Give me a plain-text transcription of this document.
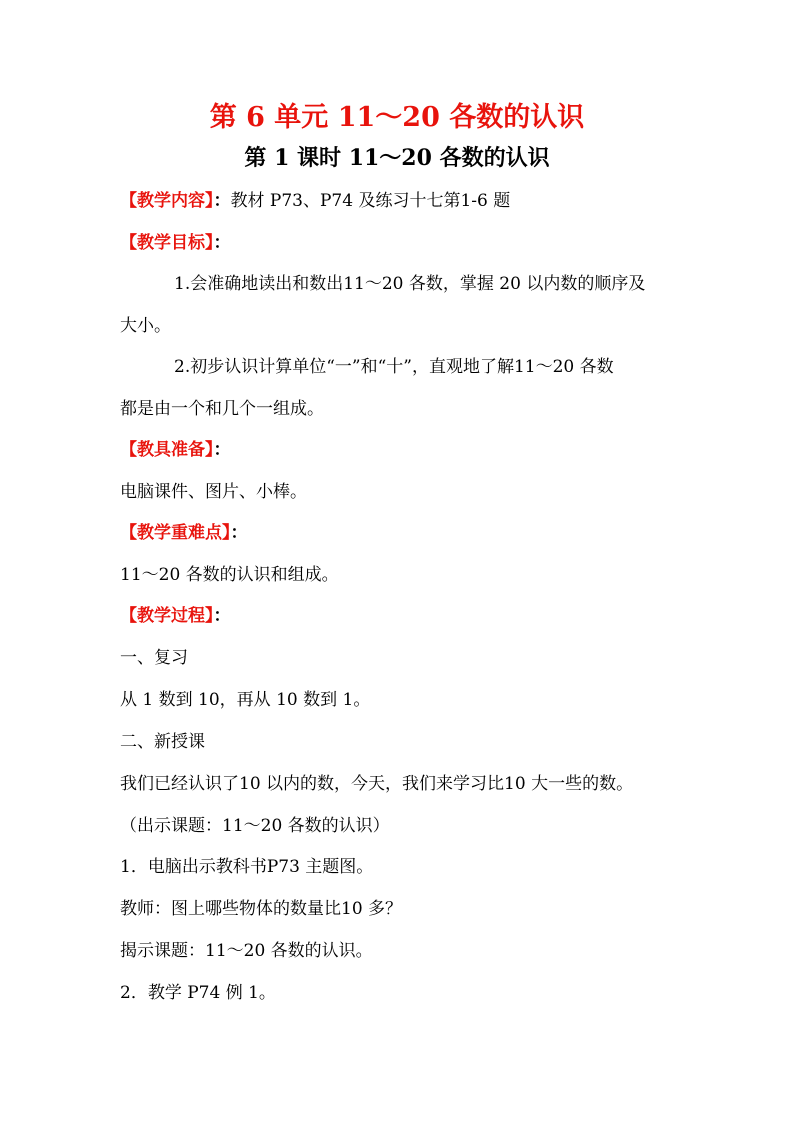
第 6 单元 11～20 各数的认识
第 1 课时 11～20 各数的认识
【教学内容】：教材 P73、P74 及练习十七第1-6 题
【教学目标】：
1.会准确地读出和数出11～20 各数，掌握 20 以内数的顺序及
大小。
2.初步认识计算单位“一”和“十”，直观地了解11～20 各数
都是由一个和几个一组成。
【教具准备】：
电脑课件、图片、小棒。
【教学重难点】：
11～20 各数的认识和组成。
【教学过程】：
一、复习
从 1 数到 10，再从 10 数到 1。
二、新授课
我们已经认识了10 以内的数，今天，我们来学习比10 大一些的数。
（出示课题：11～20 各数的认识）
1．电脑出示教科书P73 主题图。
教师：图上哪些物体的数量比10 多？
揭示课题：11～20 各数的认识。
2．教学 P74 例 1。
